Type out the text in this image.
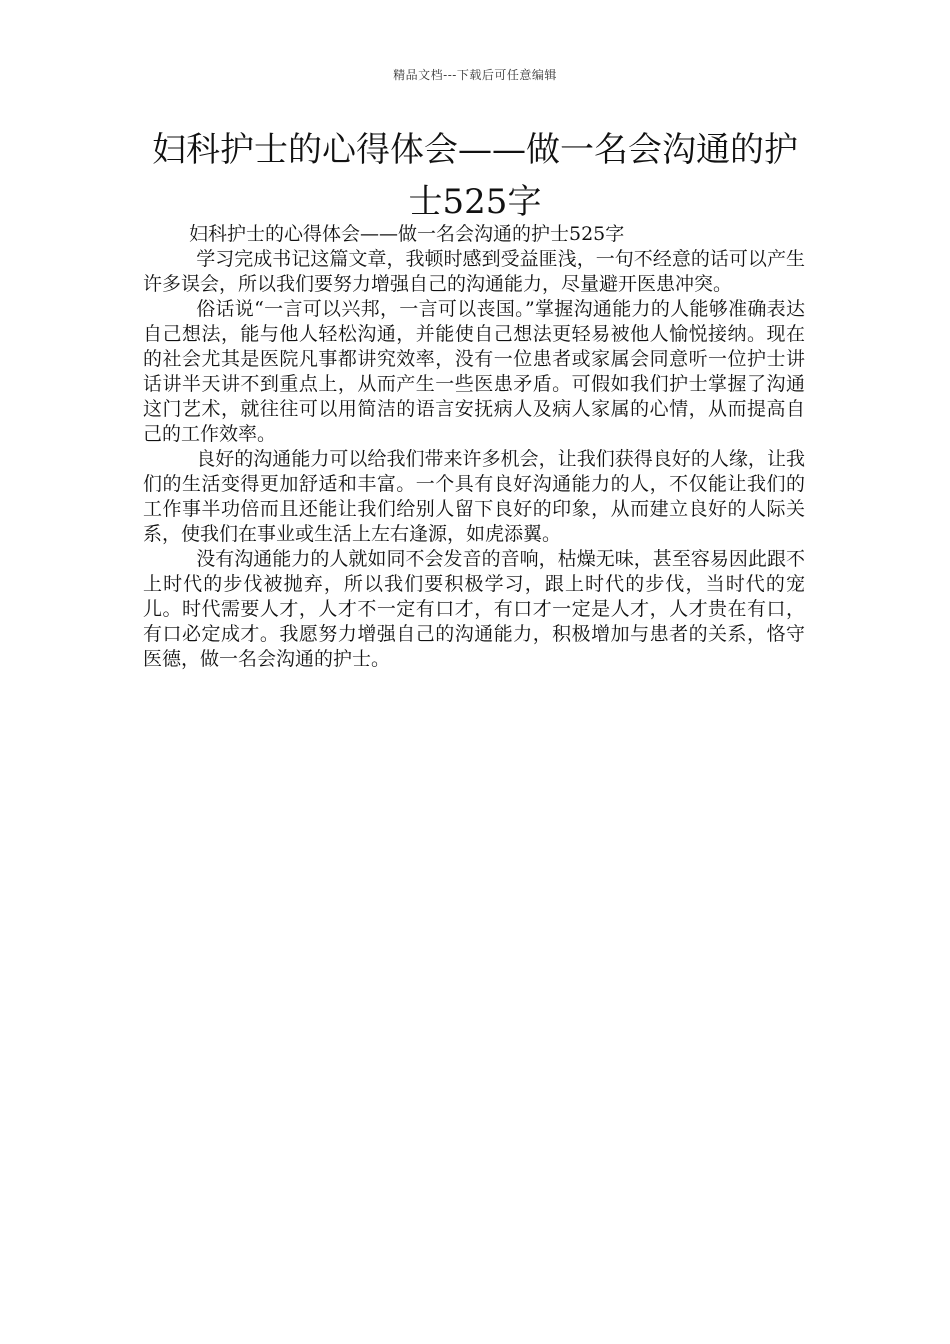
精品文档---下载后可任意编辑
妇科护士的心得体会——做一名会沟通的护士525字

妇科护士的心得体会——做一名会沟通的护士525字

学习完成书记这篇文章，我顿时感到受益匪浅，一句不经意的话可以产生许多误会，所以我们要努力增强自己的沟通能力，尽量避开医患冲突。

俗话说“一言可以兴邦，一言可以丧国。”掌握沟通能力的人能够准确表达自己想法，能与他人轻松沟通，并能使自己想法更轻易被他人愉悦接纳。现在的社会尤其是医院凡事都讲究效率，没有一位患者或家属会同意听一位护士讲话讲半天讲不到重点上，从而产生一些医患矛盾。可假如我们护士掌握了沟通这门艺术，就往往可以用简洁的语言安抚病人及病人家属的心情，从而提高自己的工作效率。

良好的沟通能力可以给我们带来许多机会，让我们获得良好的人缘，让我们的生活变得更加舒适和丰富。一个具有良好沟通能力的人，不仅能让我们的工作事半功倍而且还能让我们给别人留下良好的印象，从而建立良好的人际关系，使我们在事业或生活上左右逢源，如虎添翼。

没有沟通能力的人就如同不会发音的音响，枯燥无味，甚至容易因此跟不上时代的步伐被抛弃，所以我们要积极学习，跟上时代的步伐，当时代的宠儿。时代需要人才，人才不一定有口才，有口才一定是人才，人才贵在有口，有口必定成才。我愿努力增强自己的沟通能力，积极增加与患者的关系，恪守医德，做一名会沟通的护士。
